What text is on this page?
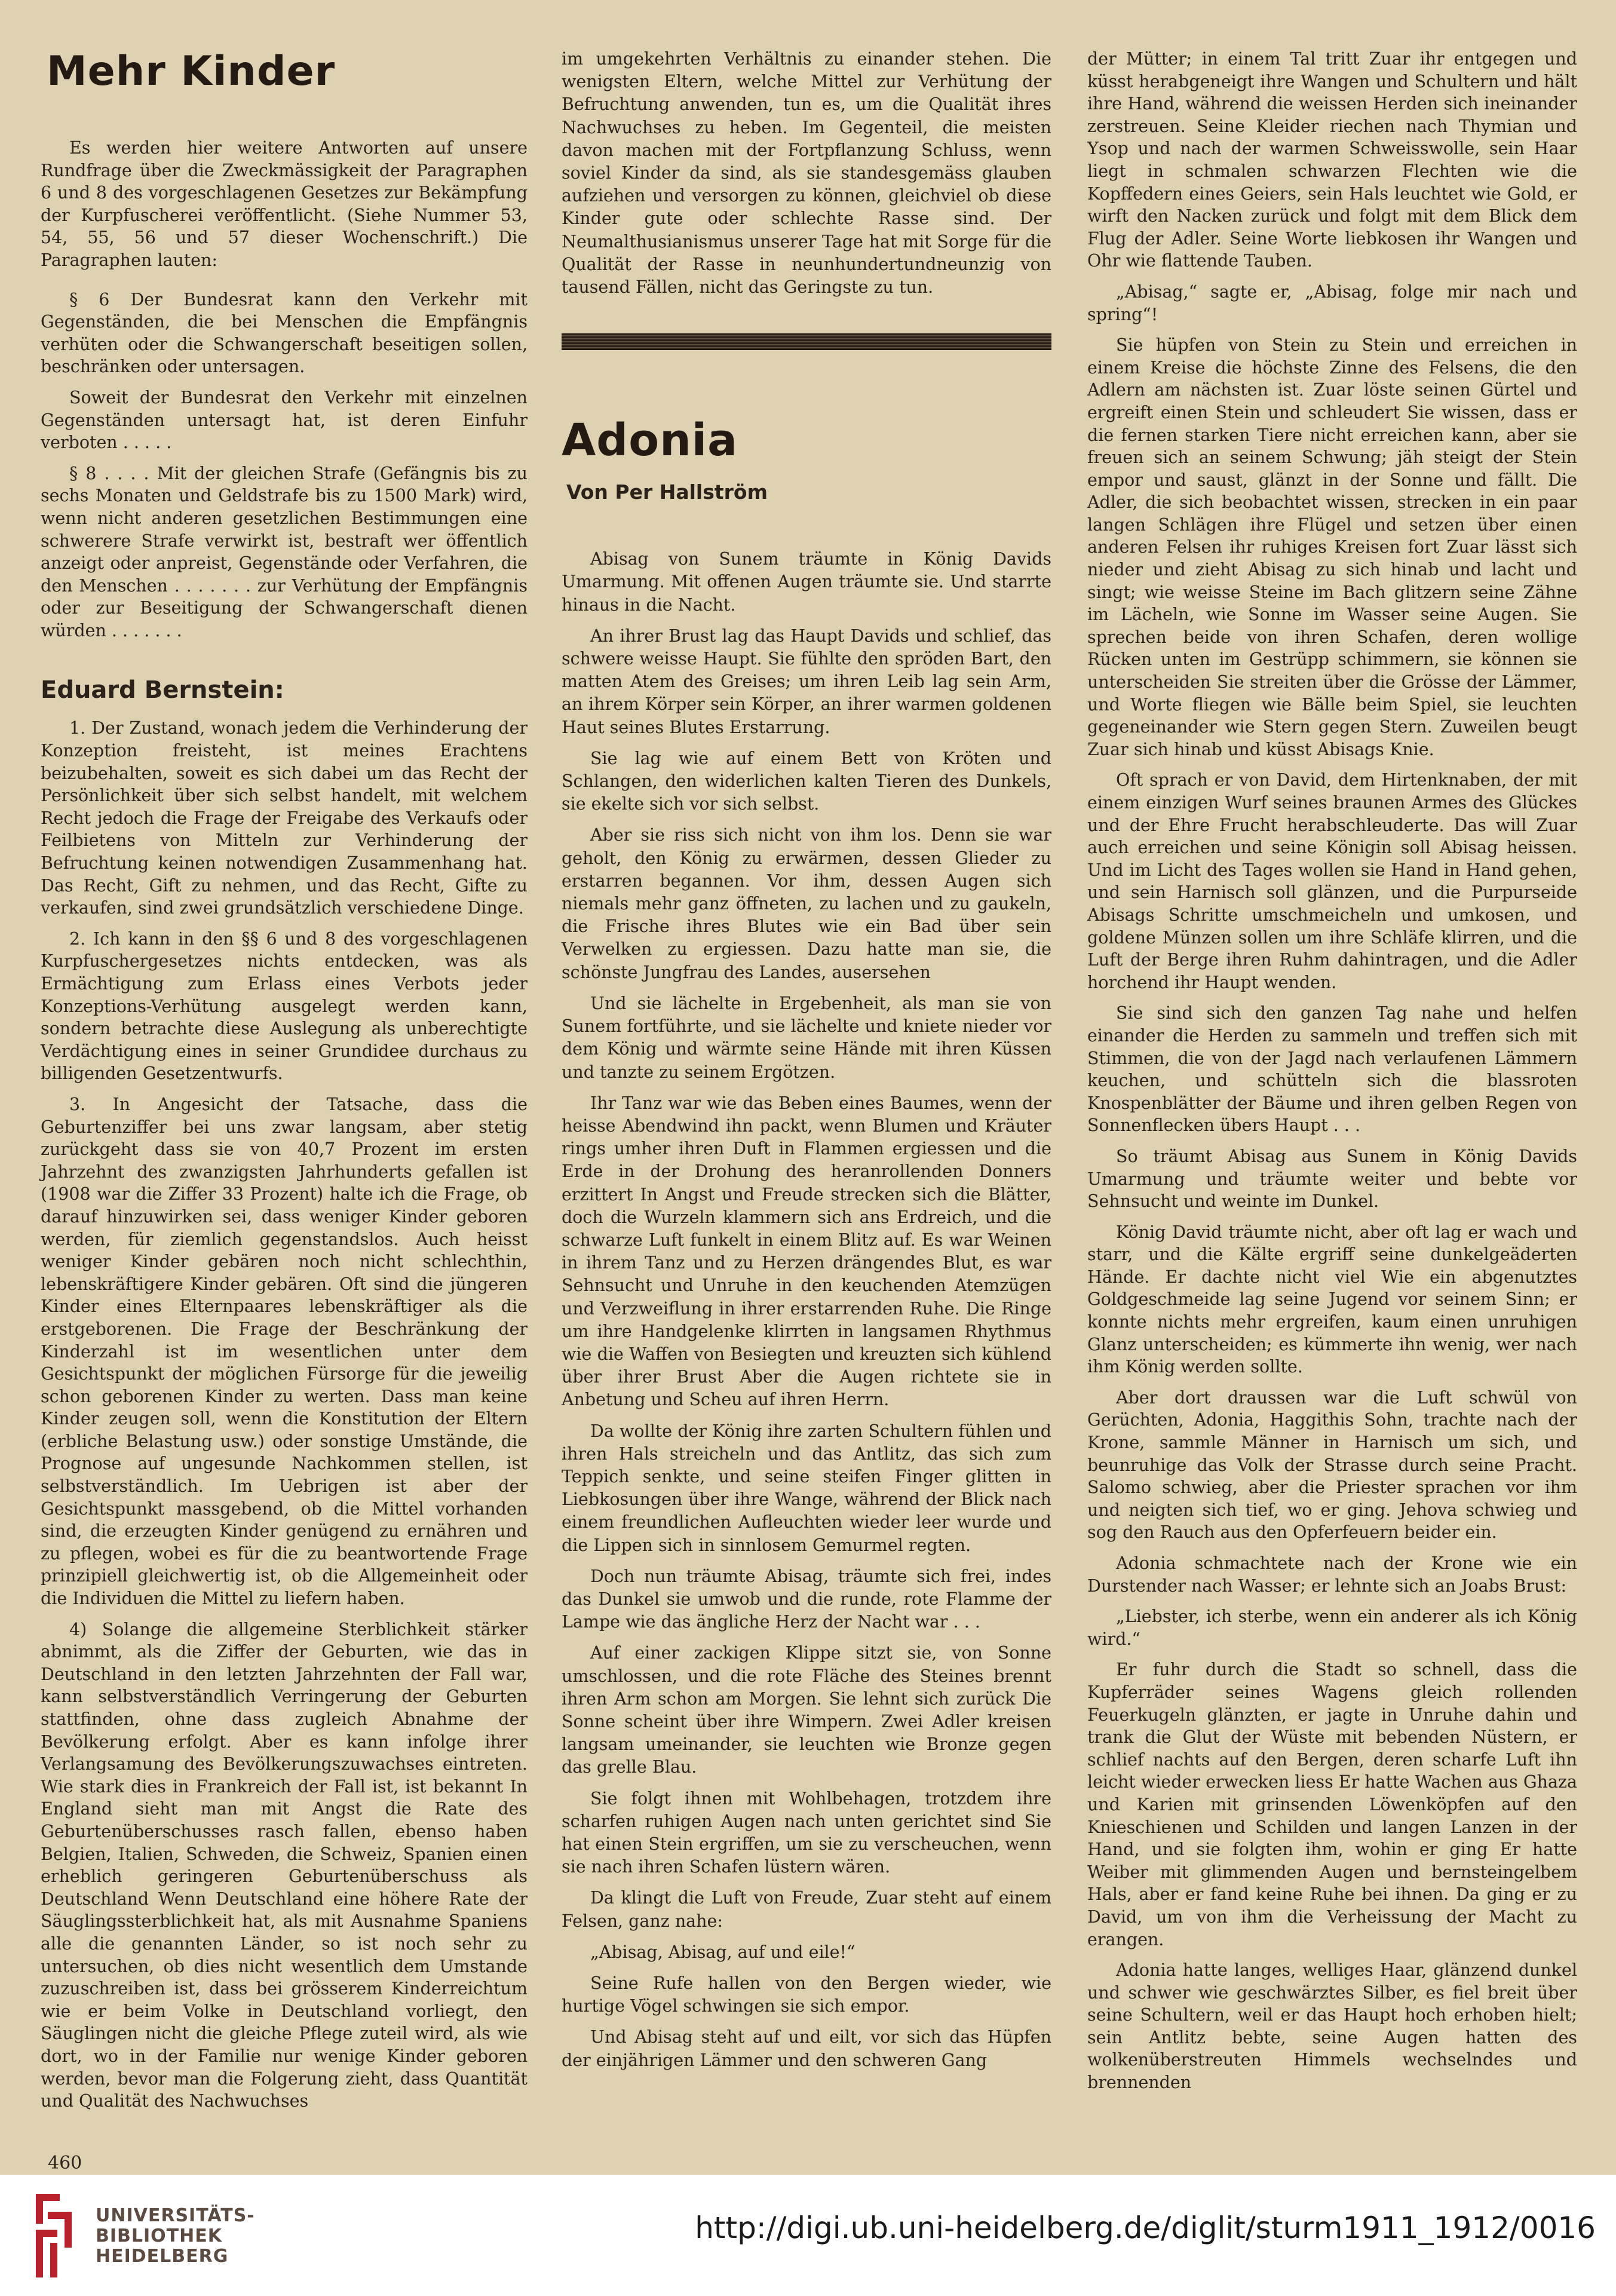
Mehr Kinder

Es werden hier weitere Antworten auf unsere Rundfrage über die Zweckmässigkeit der Paragraphen 6 und 8 des vorgeschlagenen Gesetzes zur Bekämpfung der Kurpfuscherei veröffentlicht. (Siehe Nummer 53, 54, 55, 56 und 57 dieser Wochenschrift.) Die Paragraphen lauten:

§ 6 Der Bundesrat kann den Verkehr mit Gegenständen, die bei Menschen die Empfängnis verhüten oder die Schwangerschaft beseitigen sollen, beschränken oder untersagen.

Soweit der Bundesrat den Verkehr mit einzelnen Gegenständen untersagt hat, ist deren Einfuhr verboten . . . . .

§ 8 . . . . Mit der gleichen Strafe (Gefängnis bis zu sechs Monaten und Geldstrafe bis zu 1500 Mark) wird, wenn nicht anderen gesetzlichen Bestimmungen eine schwerere Strafe verwirkt ist, bestraft wer öffentlich anzeigt oder anpreist, Gegenstände oder Verfahren, die den Menschen . . . . . . . zur Verhütung der Empfängnis oder zur Beseitigung der Schwangerschaft dienen würden . . . . . . .

Eduard Bernstein:

1. Der Zustand, wonach jedem die Verhinderung der Konzeption freisteht, ist meines Erachtens beizubehalten, soweit es sich dabei um das Recht der Persönlichkeit über sich selbst handelt, mit welchem Recht jedoch die Frage der Freigabe des Verkaufs oder Feilbietens von Mitteln zur Verhinderung der Befruchtung keinen notwendigen Zusammenhang hat. Das Recht, Gift zu nehmen, und das Recht, Gifte zu verkaufen, sind zwei grundsätzlich verschiedene Dinge.

2. Ich kann in den §§ 6 und 8 des vorgeschlagenen Kurpfuschergesetzes nichts entdecken, was als Ermächtigung zum Erlass eines Verbots jeder Konzeptions-Verhütung ausgelegt werden kann, sondern betrachte diese Auslegung als unberechtigte Verdächtigung eines in seiner Grundidee durchaus zu billigenden Gesetzentwurfs.

3. In Angesicht der Tatsache, dass die Geburtenziffer bei uns zwar langsam, aber stetig zurückgeht dass sie von 40,7 Prozent im ersten Jahrzehnt des zwanzigsten Jahrhunderts gefallen ist (1908 war die Ziffer 33 Prozent) halte ich die Frage, ob darauf hinzuwirken sei, dass weniger Kinder geboren werden, für ziemlich gegenstandslos. Auch heisst weniger Kinder gebären noch nicht schlechthin, lebenskräftigere Kinder gebären. Oft sind die jüngeren Kinder eines Elternpaares lebenskräftiger als die erstgeborenen. Die Frage der Beschränkung der Kinderzahl ist im wesentlichen unter dem Gesichtspunkt der möglichen Fürsorge für die jeweilig schon geborenen Kinder zu werten. Dass man keine Kinder zeugen soll, wenn die Konstitution der Eltern (erbliche Belastung usw.) oder sonstige Umstände, die Prognose auf ungesunde Nachkommen stellen, ist selbstverständlich. Im Uebrigen ist aber der Gesichtspunkt massgebend, ob die Mittel vorhanden sind, die erzeugten Kinder genügend zu ernähren und zu pflegen, wobei es für die zu beantwortende Frage prinzipiell gleichwertig ist, ob die Allgemeinheit oder die Individuen die Mittel zu liefern haben.

4) Solange die allgemeine Sterblichkeit stärker abnimmt, als die Ziffer der Geburten, wie das in Deutschland in den letzten Jahrzehnten der Fall war, kann selbstverständlich Verringerung der Geburten stattfinden, ohne dass zugleich Abnahme der Bevölkerung erfolgt. Aber es kann infolge ihrer Verlangsamung des Bevölkerungszuwachses eintreten. Wie stark dies in Frankreich der Fall ist, ist bekannt In England sieht man mit Angst die Rate des Geburtenüberschusses rasch fallen, ebenso haben Belgien, Italien, Schweden, die Schweiz, Spanien einen erheblich geringeren Geburtenüberschuss als Deutschland Wenn Deutschland eine höhere Rate der Säuglingssterblichkeit hat, als mit Ausnahme Spaniens alle die genannten Länder, so ist noch sehr zu untersuchen, ob dies nicht wesentlich dem Umstande zuzuschreiben ist, dass bei grösserem Kinderreichtum wie er beim Volke in Deutschland vorliegt, den Säuglingen nicht die gleiche Pflege zuteil wird, als wie dort, wo in der Familie nur wenige Kinder geboren werden, bevor man die Folgerung zieht, dass Quantität und Qualität des Nachwuchses

im umgekehrten Verhältnis zu einander stehen. Die wenigsten Eltern, welche Mittel zur Verhütung der Befruchtung anwenden, tun es, um die Qualität ihres Nachwuchses zu heben. Im Gegenteil, die meisten davon machen mit der Fortpflanzung Schluss, wenn soviel Kinder da sind, als sie standesgemäss glauben aufziehen und versorgen zu können, gleichviel ob diese Kinder gute oder schlechte Rasse sind. Der Neumalthusianismus unserer Tage hat mit Sorge für die Qualität der Rasse in neunhundertundneunzig von tausend Fällen, nicht das Geringste zu tun.

Adonia
Von Per Hallström

Abisag von Sunem träumte in König Davids Umarmung. Mit offenen Augen träumte sie. Und starrte hinaus in die Nacht.

An ihrer Brust lag das Haupt Davids und schlief, das schwere weisse Haupt. Sie fühlte den spröden Bart, den matten Atem des Greises; um ihren Leib lag sein Arm, an ihrem Körper sein Körper, an ihrer warmen goldenen Haut seines Blutes Erstarrung.

Sie lag wie auf einem Bett von Kröten und Schlangen, den widerlichen kalten Tieren des Dunkels, sie ekelte sich vor sich selbst.

Aber sie riss sich nicht von ihm los. Denn sie war geholt, den König zu erwärmen, dessen Glieder zu erstarren begannen. Vor ihm, dessen Augen sich niemals mehr ganz öffneten, zu lachen und zu gaukeln, die Frische ihres Blutes wie ein Bad über sein Verwelken zu ergiessen. Dazu hatte man sie, die schönste Jungfrau des Landes, ausersehen

Und sie lächelte in Ergebenheit, als man sie von Sunem fortführte, und sie lächelte und kniete nieder vor dem König und wärmte seine Hände mit ihren Küssen und tanzte zu seinem Ergötzen.

Ihr Tanz war wie das Beben eines Baumes, wenn der heisse Abendwind ihn packt, wenn Blumen und Kräuter rings umher ihren Duft in Flammen ergiessen und die Erde in der Drohung des heranrollenden Donners erzittert In Angst und Freude strecken sich die Blätter, doch die Wurzeln klammern sich ans Erdreich, und die schwarze Luft funkelt in einem Blitz auf. Es war Weinen in ihrem Tanz und zu Herzen drängendes Blut, es war Sehnsucht und Unruhe in den keuchenden Atemzügen und Verzweiflung in ihrer erstarrenden Ruhe. Die Ringe um ihre Handgelenke klirrten in langsamen Rhythmus wie die Waffen von Besiegten und kreuzten sich kühlend über ihrer Brust Aber die Augen richtete sie in Anbetung und Scheu auf ihren Herrn.

Da wollte der König ihre zarten Schultern fühlen und ihren Hals streicheln und das Antlitz, das sich zum Teppich senkte, und seine steifen Finger glitten in Liebkosungen über ihre Wange, während der Blick nach einem freundlichen Aufleuchten wieder leer wurde und die Lippen sich in sinnlosem Gemurmel regten.

Doch nun träumte Abisag, träumte sich frei, indes das Dunkel sie umwob und die runde, rote Flamme der Lampe wie das ängliche Herz der Nacht war . . .

Auf einer zackigen Klippe sitzt sie, von Sonne umschlossen, und die rote Fläche des Steines brennt ihren Arm schon am Morgen. Sie lehnt sich zurück Die Sonne scheint über ihre Wimpern. Zwei Adler kreisen langsam umeinander, sie leuchten wie Bronze gegen das grelle Blau.

Sie folgt ihnen mit Wohlbehagen, trotzdem ihre scharfen ruhigen Augen nach unten gerichtet sind Sie hat einen Stein ergriffen, um sie zu verscheuchen, wenn sie nach ihren Schafen lüstern wären.

Da klingt die Luft von Freude, Zuar steht auf einem Felsen, ganz nahe:

„Abisag, Abisag, auf und eile!“

Seine Rufe hallen von den Bergen wieder, wie hurtige Vögel schwingen sie sich empor.

Und Abisag steht auf und eilt, vor sich das Hüpfen der einjährigen Lämmer und den schweren Gang

der Mütter; in einem Tal tritt Zuar ihr entgegen und küsst herabgeneigt ihre Wangen und Schultern und hält ihre Hand, während die weissen Herden sich ineinander zerstreuen. Seine Kleider riechen nach Thymian und Ysop und nach der warmen Schweisswolle, sein Haar liegt in schmalen schwarzen Flechten wie die Kopffedern eines Geiers, sein Hals leuchtet wie Gold, er wirft den Nacken zurück und folgt mit dem Blick dem Flug der Adler. Seine Worte liebkosen ihr Wangen und Ohr wie flattende Tauben.

„Abisag,“ sagte er, „Abisag, folge mir nach und spring“!

Sie hüpfen von Stein zu Stein und erreichen in einem Kreise die höchste Zinne des Felsens, die den Adlern am nächsten ist. Zuar löste seinen Gürtel und ergreift einen Stein und schleudert Sie wissen, dass er die fernen starken Tiere nicht erreichen kann, aber sie freuen sich an seinem Schwung; jäh steigt der Stein empor und saust, glänzt in der Sonne und fällt. Die Adler, die sich beobachtet wissen, strecken in ein paar langen Schlägen ihre Flügel und setzen über einen anderen Felsen ihr ruhiges Kreisen fort Zuar lässt sich nieder und zieht Abisag zu sich hinab und lacht und singt; wie weisse Steine im Bach glitzern seine Zähne im Lächeln, wie Sonne im Wasser seine Augen. Sie sprechen beide von ihren Schafen, deren wollige Rücken unten im Gestrüpp schimmern, sie können sie unterscheiden Sie streiten über die Grösse der Lämmer, und Worte fliegen wie Bälle beim Spiel, sie leuchten gegeneinander wie Stern gegen Stern. Zuweilen beugt Zuar sich hinab und küsst Abisags Knie.

Oft sprach er von David, dem Hirtenknaben, der mit einem einzigen Wurf seines braunen Armes des Glückes und der Ehre Frucht herabschleuderte. Das will Zuar auch erreichen und seine Königin soll Abisag heissen. Und im Licht des Tages wollen sie Hand in Hand gehen, und sein Harnisch soll glänzen, und die Purpurseide Abisags Schritte umschmeicheln und umkosen, und goldene Münzen sollen um ihre Schläfe klirren, und die Luft der Berge ihren Ruhm dahintragen, und die Adler horchend ihr Haupt wenden.

Sie sind sich den ganzen Tag nahe und helfen einander die Herden zu sammeln und treffen sich mit Stimmen, die von der Jagd nach verlaufenen Lämmern keuchen, und schütteln sich die blassroten Knospenblätter der Bäume und ihren gelben Regen von Sonnenflecken übers Haupt . . .

So träumt Abisag aus Sunem in König Davids Umarmung und träumte weiter und bebte vor Sehnsucht und weinte im Dunkel.

König David träumte nicht, aber oft lag er wach und starr, und die Kälte ergriff seine dunkelgeäderten Hände. Er dachte nicht viel Wie ein abgenutztes Goldgeschmeide lag seine Jugend vor seinem Sinn; er konnte nichts mehr ergreifen, kaum einen unruhigen Glanz unterscheiden; es kümmerte ihn wenig, wer nach ihm König werden sollte.

Aber dort draussen war die Luft schwül von Gerüchten, Adonia, Haggithis Sohn, trachte nach der Krone, sammle Männer in Harnisch um sich, und beunruhige das Volk der Strasse durch seine Pracht. Salomo schwieg, aber die Priester sprachen vor ihm und neigten sich tief, wo er ging. Jehova schwieg und sog den Rauch aus den Opferfeuern beider ein.

Adonia schmachtete nach der Krone wie ein Durstender nach Wasser; er lehnte sich an Joabs Brust:

„Liebster, ich sterbe, wenn ein anderer als ich König wird.“

Er fuhr durch die Stadt so schnell, dass die Kupferräder seines Wagens gleich rollenden Feuerkugeln glänzten, er jagte in Unruhe dahin und trank die Glut der Wüste mit bebenden Nüstern, er schlief nachts auf den Bergen, deren scharfe Luft ihn leicht wieder erwecken liess Er hatte Wachen aus Ghaza und Karien mit grinsenden Löwenköpfen auf den Knieschienen und Schilden und langen Lanzen in der Hand, und sie folgten ihm, wohin er ging Er hatte Weiber mit glimmenden Augen und bernsteingelbem Hals, aber er fand keine Ruhe bei ihnen. Da ging er zu David, um von ihm die Verheissung der Macht zu erangen.

Adonia hatte langes, welliges Haar, glänzend dunkel und schwer wie geschwärztes Silber, es fiel breit über seine Schultern, weil er das Haupt hoch erhoben hielt; sein Antlitz bebte, seine Augen hatten des wolkenüberstreuten Himmels wechselndes und brennenden

460
UNIVERSITÄTS-
BIBLIOTHEK
HEIDELBERG
http://digi.ub.uni-heidelberg.de/diglit/sturm1911_1912/0016
